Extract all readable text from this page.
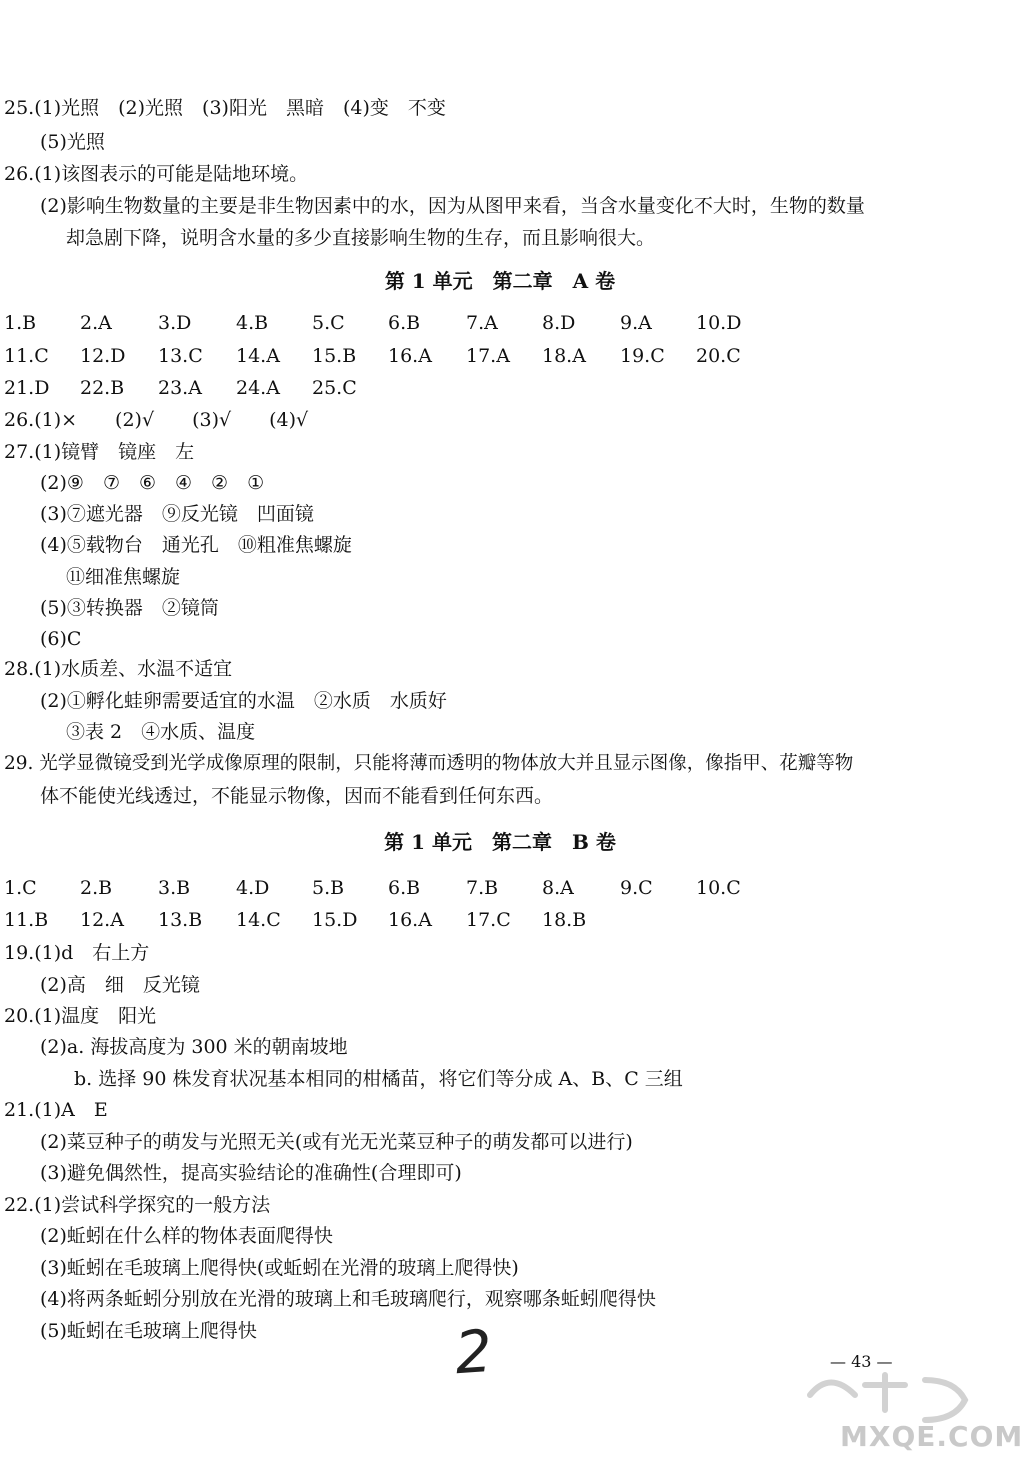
25.(1)光照　(2)光照　(3)阳光　黑暗　(4)变　不变
(5)光照
26.(1)该图表示的可能是陆地环境。
(2)影响生物数量的主要是非生物因素中的水，因为从图甲来看，当含水量变化不大时，生物的数量
却急剧下降，说明含水量的多少直接影响生物的生存，而且影响很大。
第 1 单元　第二章　A 卷
1.B 2.A 3.D 4.B 5.C 6.B 7.A 8.D 9.A 10.D
11.C 12.D 13.C 14.A 15.B 16.A 17.A 18.A 19.C 20.C
21.D 22.B 23.A 24.A 25.C
26.(1)×　　(2)√　　(3)√　　(4)√
27.(1)镜臂　镜座　左
(2)⑨　⑦　⑥　④　②　①
(3)⑦遮光器　⑨反光镜　凹面镜
(4)⑤载物台　通光孔　⑩粗准焦螺旋
⑪细准焦螺旋
(5)③转换器　②镜筒
(6)C
28.(1)水质差、水温不适宜
(2)①孵化蛙卵需要适宜的水温　②水质　水质好
③表 2　④水质、温度
29. 光学显微镜受到光学成像原理的限制，只能将薄而透明的物体放大并且显示图像，像指甲、花瓣等物
体不能使光线透过，不能显示物像，因而不能看到任何东西。
第 1 单元　第二章　B 卷
1.C 2.B 3.B 4.D 5.B 6.B 7.B 8.A 9.C 10.C
11.B 12.A 13.B 14.C 15.D 16.A 17.C 18.B
19.(1)d　右上方
(2)高　细　反光镜
20.(1)温度　阳光
(2)a. 海拔高度为 300 米的朝南坡地
b. 选择 90 株发育状况基本相同的柑橘苗，将它们等分成 A、B、C 三组
21.(1)A　E
(2)菜豆种子的萌发与光照无关(或有光无光菜豆种子的萌发都可以进行)
(3)避免偶然性，提高实验结论的准确性(合理即可)
22.(1)尝试科学探究的一般方法
(2)蚯蚓在什么样的物体表面爬得快
(3)蚯蚓在毛玻璃上爬得快(或蚯蚓在光滑的玻璃上爬得快)
(4)将两条蚯蚓分别放在光滑的玻璃上和毛玻璃爬行，观察哪条蚯蚓爬得快
(5)蚯蚓在毛玻璃上爬得快	2	— 43 —
MXQE.COM
